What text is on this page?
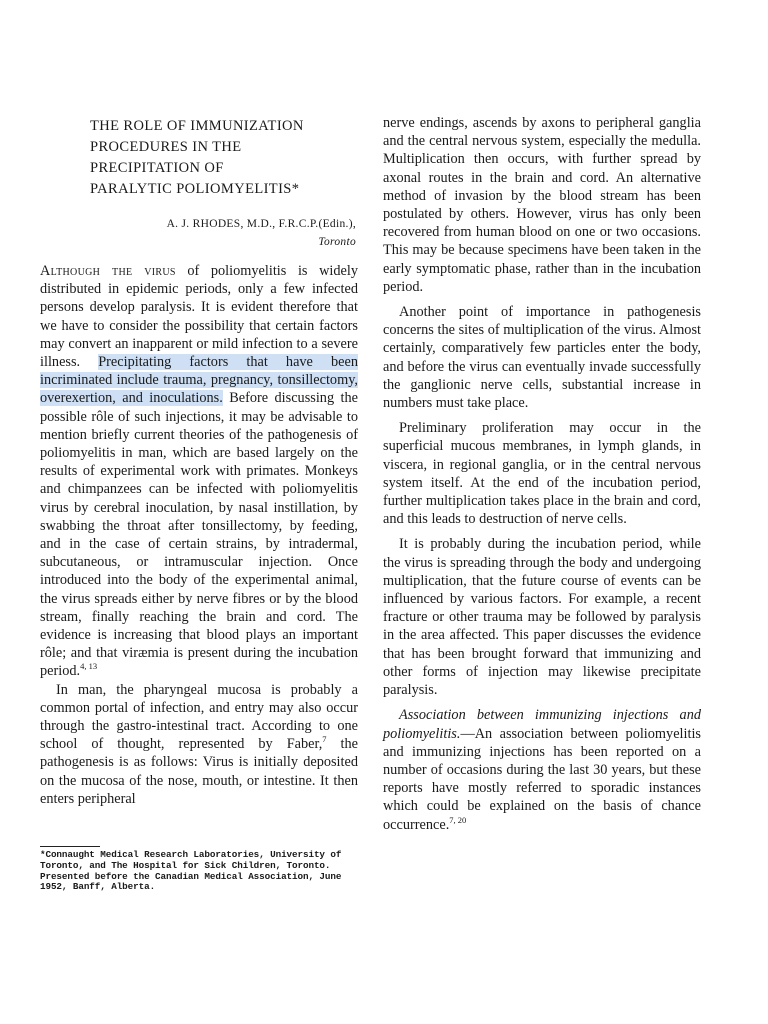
THE ROLE OF IMMUNIZATION
PROCEDURES IN THE
PRECIPITATION OF
PARALYTIC POLIOMYELITIS*
A. J. RHODES, M.D., F.R.C.P.(Edin.),
Toronto

Although the virus of poliomyelitis is widely distributed in epidemic periods, only a few infected persons develop paralysis. It is evident therefore that we have to consider the possibility that certain factors may convert an inapparent or mild infection to a severe illness. Precipitating factors that have been incriminated include trauma, pregnancy, tonsillectomy, overexertion, and inoculations. Before discussing the possible rôle of such injections, it may be advisable to mention briefly current theories of the pathogenesis of poliomyelitis in man, which are based largely on the results of experimental work with primates. Monkeys and chimpanzees can be infected with poliomyelitis virus by cerebral inoculation, by nasal instillation, by swabbing the throat after tonsillectomy, by feeding, and in the case of certain strains, by intradermal, subcutaneous, or intramuscular injection. Once introduced into the body of the experimental animal, the virus spreads either by nerve fibres or by the blood stream, finally reaching the brain and cord. The evidence is increasing that blood plays an important rôle; and that viræmia is present during the incubation period.$^{4, 13}$

In man, the pharyngeal mucosa is probably a common portal of infection, and entry may also occur through the gastro-intestinal tract. According to one school of thought, represented by Faber,$^7$ the pathogenesis is as follows: Virus is initially deposited on the mucosa of the nose, mouth, or intestine. It then enters peripheral

*Connaught Medical Research Laboratories, University of Toronto, and The Hospital for Sick Children, Toronto. Presented before the Canadian Medical Association, June 1952, Banff, Alberta.

nerve endings, ascends by axons to peripheral ganglia and the central nervous system, especially the medulla. Multiplication then occurs, with further spread by axonal routes in the brain and cord. An alternative method of invasion by the blood stream has been postulated by others. However, virus has only been recovered from human blood on one or two occasions. This may be because specimens have been taken in the early symptomatic phase, rather than in the incubation period.

Another point of importance in pathogenesis concerns the sites of multiplication of the virus. Almost certainly, comparatively few particles enter the body, and before the virus can eventually invade successfully the ganglionic nerve cells, substantial increase in numbers must take place.

Preliminary proliferation may occur in the superficial mucous membranes, in lymph glands, in viscera, in regional ganglia, or in the central nervous system itself. At the end of the incubation period, further multiplication takes place in the brain and cord, and this leads to destruction of nerve cells.

It is probably during the incubation period, while the virus is spreading through the body and undergoing multiplication, that the future course of events can be influenced by various factors. For example, a recent fracture or other trauma may be followed by paralysis in the area affected. This paper discusses the evidence that has been brought forward that immunizing and other forms of injection may likewise precipitate paralysis.

Association between immunizing injections and poliomyelitis.—An association between poliomyelitis and immunizing injections has been reported on a number of occasions during the last 30 years, but these reports have mostly referred to sporadic instances which could be explained on the basis of chance occurrence.$^{7, 20}$
